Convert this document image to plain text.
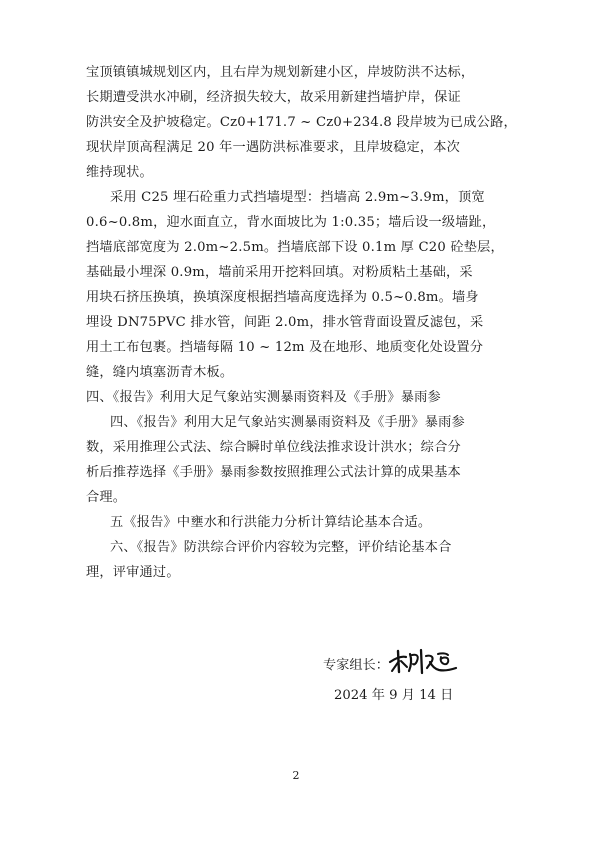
宝顶镇镇城规划区内，且右岸为规划新建小区，岸坡防洪不达标，
长期遭受洪水冲刷，经济损失较大，故采用新建挡墙护岸，保证
防洪安全及护坡稳定。Cz0+171.7 ~ Cz0+234.8 段岸坡为已成公路，
现状岸顶高程满足 20 年一遇防洪标准要求，且岸坡稳定，本次
维持现状。
采用 C25 埋石砼重力式挡墙堤型：挡墙高 2.9m~3.9m，顶宽
0.6~0.8m，迎水面直立，背水面坡比为 1:0.35；墙后设一级墙趾，
挡墙底部宽度为 2.0m~2.5m。挡墙底部下设 0.1m 厚 C20 砼垫层，
基础最小埋深 0.9m，墙前采用开挖料回填。对粉质粘土基础，采
用块石挤压换填，换填深度根据挡墙高度选择为 0.5~0.8m。墙身
埋设 DN75PVC 排水管，间距 2.0m，排水管背面设置反滤包，采
用土工布包裹。挡墙每隔 10 ~ 12m 及在地形、地质变化处设置分
缝，缝内填塞沥青木板。
四、《报告》利用大足气象站实测暴雨资料及《手册》暴雨参
四、《报告》利用大足气象站实测暴雨资料及《手册》暴雨参
数，采用推理公式法、综合瞬时单位线法推求设计洪水；综合分
析后推荐选择《手册》暴雨参数按照推理公式法计算的成果基本
合理。
五《报告》中壅水和行洪能力分析计算结论基本合适。
六、《报告》防洪综合评价内容较为完整，评价结论基本合
理，评审通过。
专家组长：
2024 年 9 月 14 日
2
